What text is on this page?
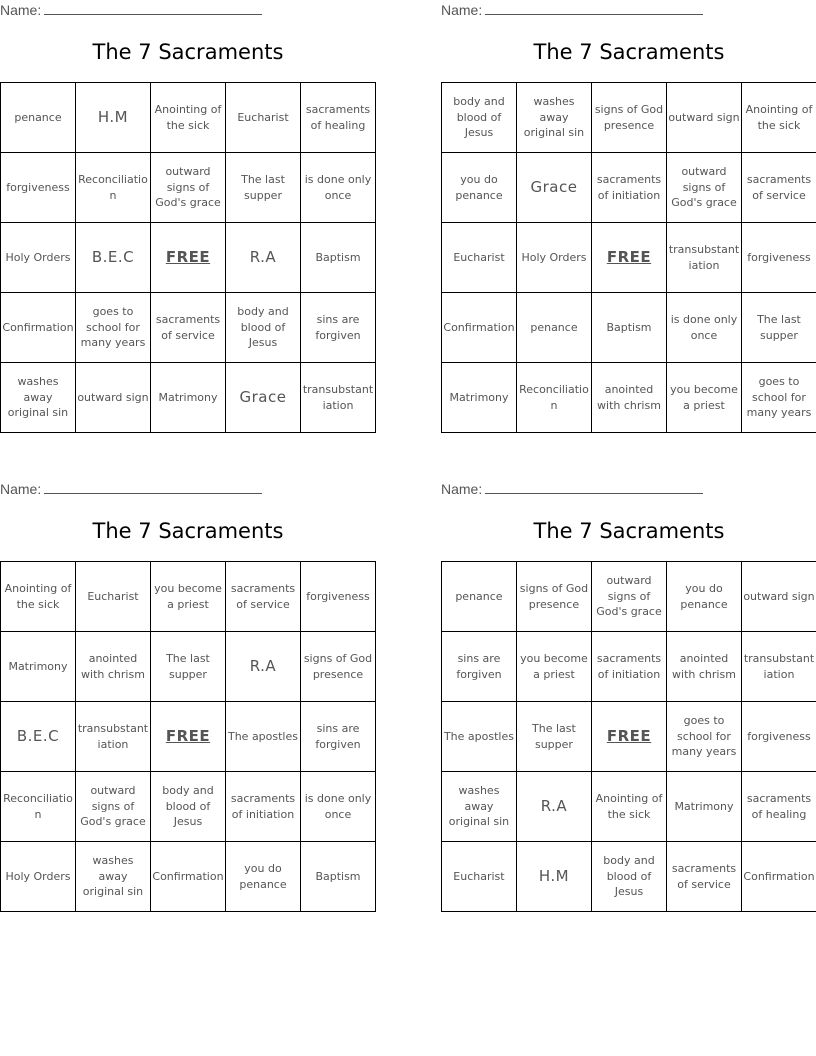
Name:
The 7 Sacraments
penance	H.M	Anointing of the sick	Eucharist	sacraments of healing
forgiveness	Reconciliation	outward signs of God's grace	The last supper	is done only once
Holy Orders	B.E.C	FREE	R.A	Baptism
Confirmation	goes to school for many years	sacraments of service	body and blood of Jesus	sins are forgiven
washes away original sin	outward sign	Matrimony	Grace	transubstantiation
Name:
The 7 Sacraments
body and blood of Jesus	washes away original sin	signs of God presence	outward sign	Anointing of the sick
you do penance	Grace	sacraments of initiation	outward signs of God's grace	sacraments of service
Eucharist	Holy Orders	FREE	transubstantiation	forgiveness
Confirmation	penance	Baptism	is done only once	The last supper
Matrimony	Reconciliation	anointed with chrism	you become a priest	goes to school for many years
Name:
The 7 Sacraments
Anointing of the sick	Eucharist	you become a priest	sacraments of service	forgiveness
Matrimony	anointed with chrism	The last supper	R.A	signs of God presence
B.E.C	transubstantiation	FREE	The apostles	sins are forgiven
Reconciliation	outward signs of God's grace	body and blood of Jesus	sacraments of initiation	is done only once
Holy Orders	washes away original sin	Confirmation	you do penance	Baptism
Name:
The 7 Sacraments
penance	signs of God presence	outward signs of God's grace	you do penance	outward sign
sins are forgiven	you become a priest	sacraments of initiation	anointed with chrism	transubstantiation
The apostles	The last supper	FREE	goes to school for many years	forgiveness
washes away original sin	R.A	Anointing of the sick	Matrimony	sacraments of healing
Eucharist	H.M	body and blood of Jesus	sacraments of service	Confirmation
